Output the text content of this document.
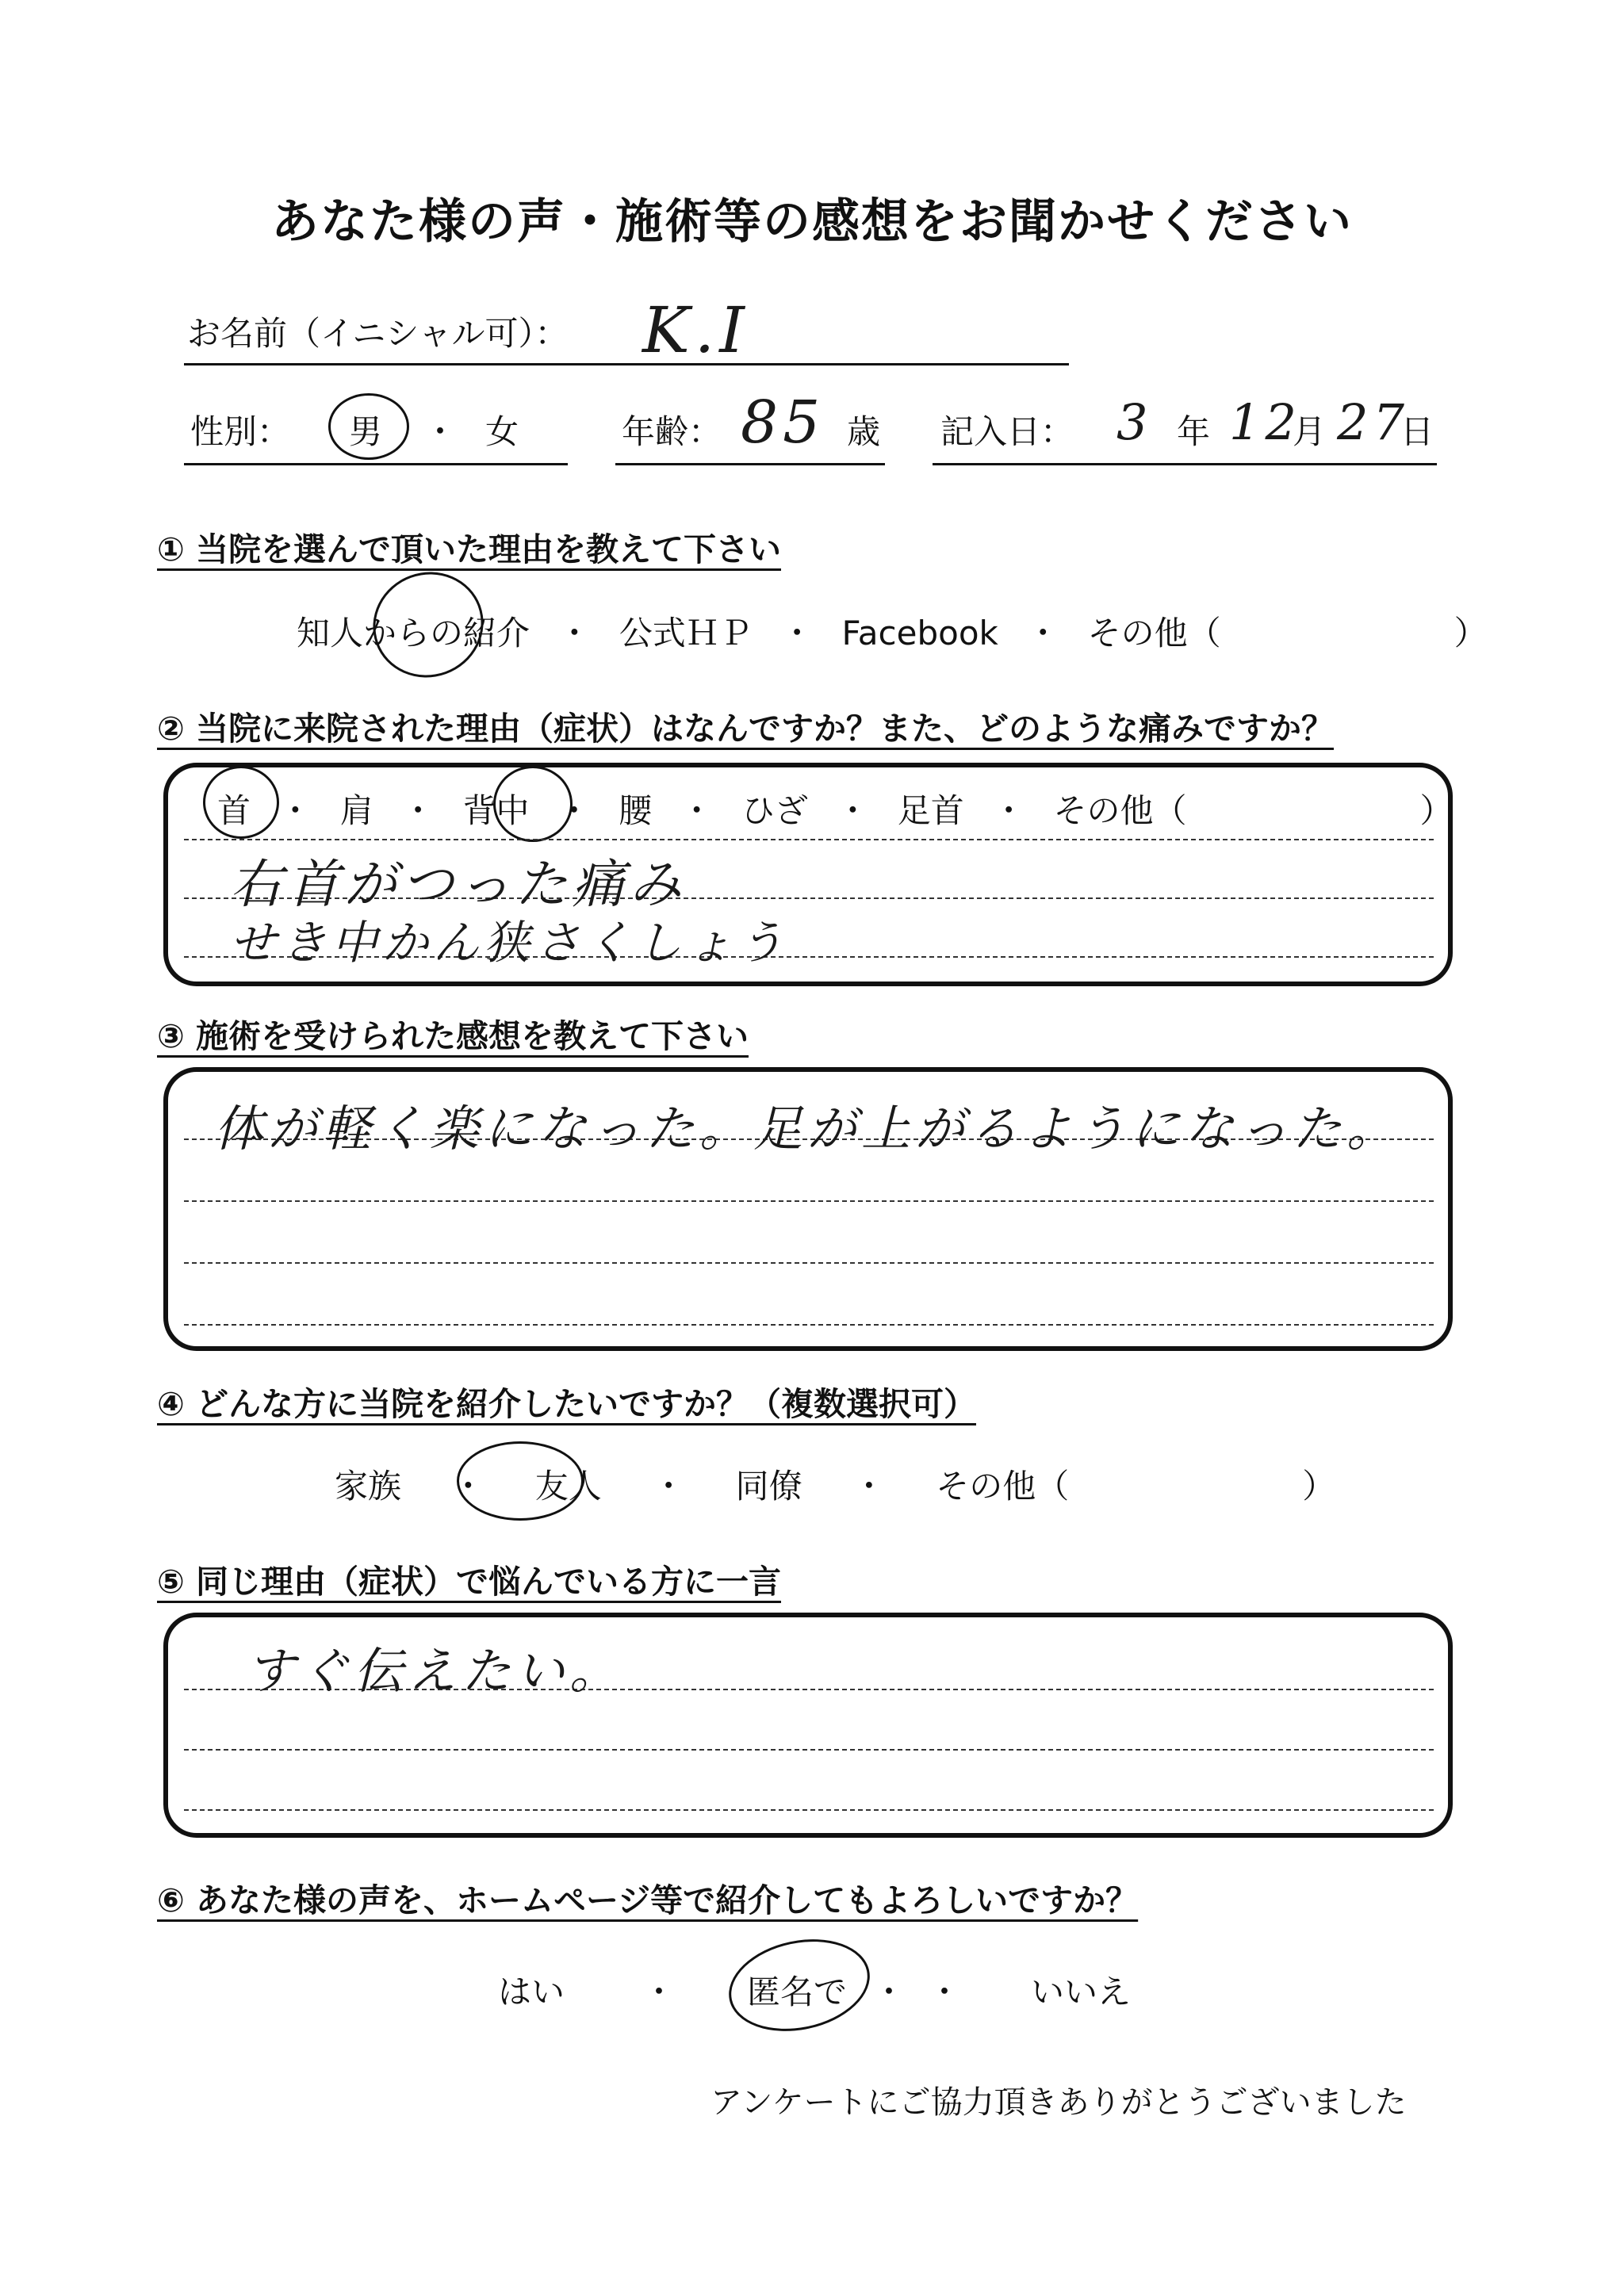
あなた様の声・施術等の感想をお聞かせください
お名前（イニシャル可）： K.I
性別： 男 ・ 女	年齢： 85 歳 記入日： 3 年 12
月 27
日
① 当院を選んで頂いた理由を教えて下さい
知人からの紹介 ・ 公式ＨＰ ・ Facebook ・ その他（　　　　　　　）
② 当院に来院された理由（症状）はなんですか？また、どのような痛みですか？
首 ・ 肩 ・ 背中 ・ 腰 ・ ひざ ・ 足首 ・ その他（　　　　　　　）
右首がつった痛み
せき中かん狭さくしょう
③ 施術を受けられた感想を教えて下さい
体が軽く楽になった。足が上がるようになった。
④ どんな方に当院を紹介したいですか？（複数選択可）
家族 ・ 友人 ・ 同僚 ・ その他（　　　　　　　）
⑤ 同じ理由（症状）で悩んでいる方に一言
すぐ伝えたい。
⑥ あなた様の声を、ホームページ等で紹介してもよろしいですか？
はい ・ 匿名で ・ ・ いいえ
アンケートにご協力頂きありがとうございました
